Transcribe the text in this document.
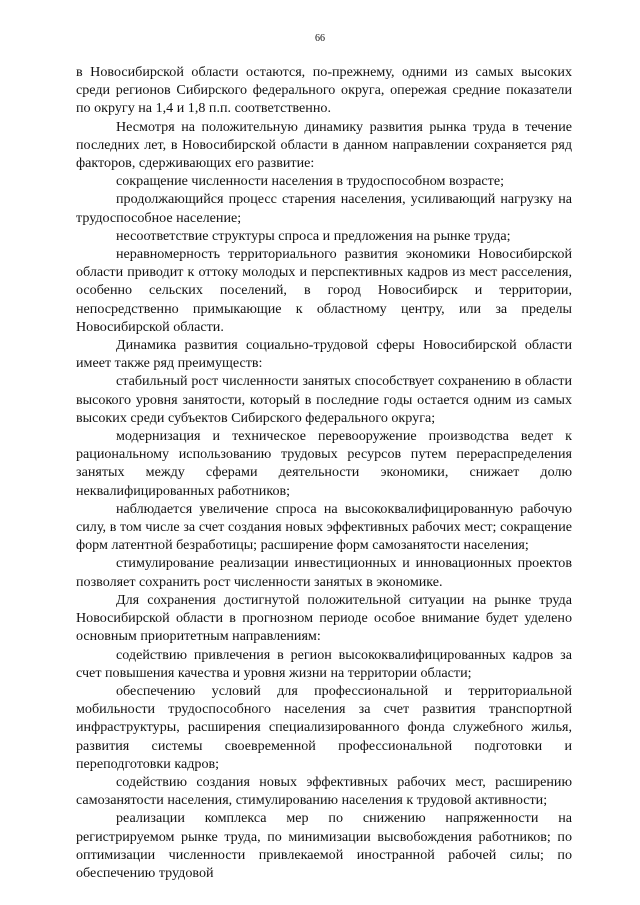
66

в Новосибирской области остаются, по-прежнему, одними из самых высоких среди регионов Сибирского федерального округа, опережая средние показатели по округу на 1,4 и 1,8 п.п. соответственно.

Несмотря на положительную динамику развития рынка труда в течение последних лет, в Новосибирской области в данном направлении сохраняется ряд факторов, сдерживающих его развитие:

сокращение численности населения в трудоспособном возрасте;

продолжающийся процесс старения населения, усиливающий нагрузку на трудоспособное население;

несоответствие структуры спроса и предложения на рынке труда;

неравномерность территориального развития экономики Новосибирской области приводит к оттоку молодых и перспективных кадров из мест расселения, особенно сельских поселений, в город Новосибирск и территории, непосредственно примыкающие к областному центру, или за пределы Новосибирской области.

Динамика развития социально-трудовой сферы Новосибирской области имеет также ряд преимуществ:

стабильный рост численности занятых способствует сохранению в области высокого уровня занятости, который в последние годы остается одним из самых высоких среди субъектов Сибирского федерального округа;

модернизация и техническое перевооружение производства ведет к рациональному использованию трудовых ресурсов путем перераспределения занятых между сферами деятельности экономики, снижает долю неквалифицированных работников;

наблюдается увеличение спроса на высококвалифицированную рабочую силу, в том числе за счет создания новых эффективных рабочих мест; сокращение форм латентной безработицы; расширение форм самозанятости населения;

стимулирование реализации инвестиционных и инновационных проектов позволяет сохранить рост численности занятых в экономике.

Для сохранения достигнутой положительной ситуации на рынке труда Новосибирской области в прогнозном периоде особое внимание будет уделено основным приоритетным направлениям:

содействию привлечения в регион высококвалифицированных кадров за счет повышения качества и уровня жизни на территории области;

обеспечению условий для профессиональной и территориальной мобильности трудоспособного населения за счет развития транспортной инфраструктуры, расширения специализированного фонда служебного жилья, развития системы своевременной профессиональной подготовки и переподготовки кадров;

содействию создания новых эффективных рабочих мест, расширению самозанятости населения, стимулированию населения к трудовой активности;

реализации комплекса мер по снижению напряженности на регистрируемом рынке труда, по минимизации высвобождения работников; по оптимизации численности привлекаемой иностранной рабочей силы; по обеспечению трудовой
